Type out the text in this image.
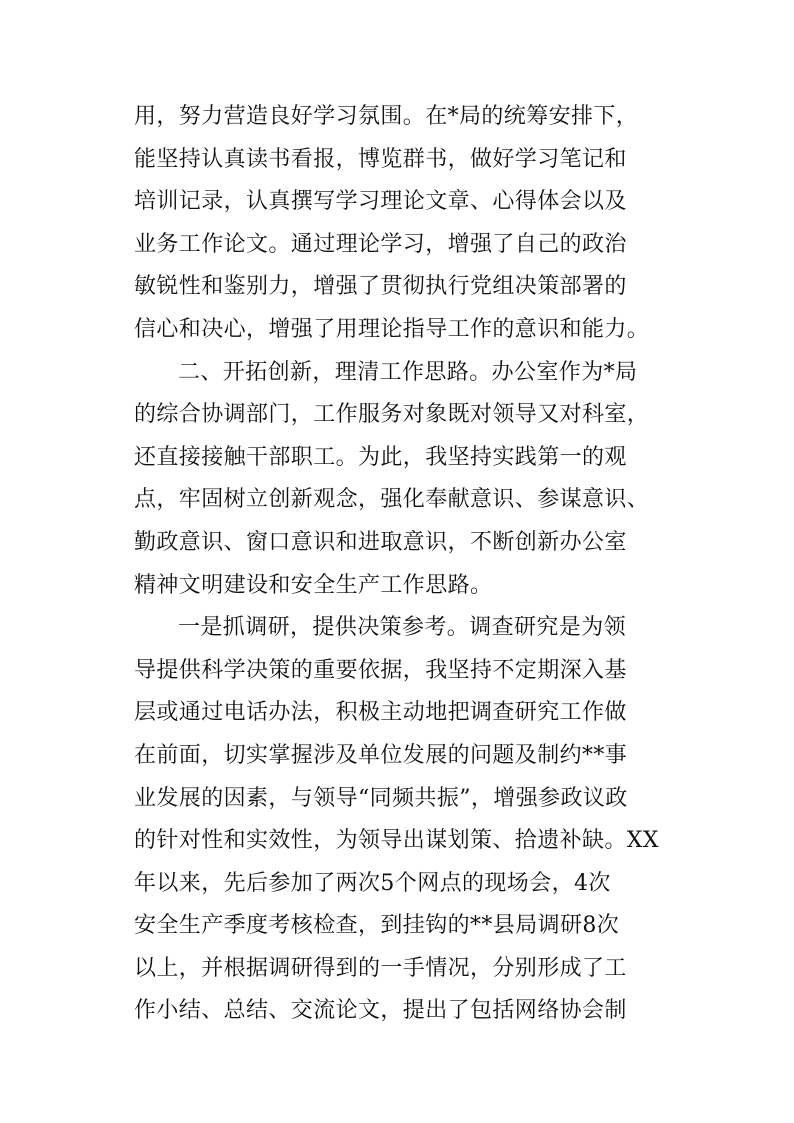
用，努力营造良好学习氛围。在*局的统筹安排下，
能坚持认真读书看报，博览群书，做好学习笔记和
培训记录，认真撰写学习理论文章、心得体会以及
业务工作论文。通过理论学习，增强了自己的政治
敏锐性和鉴别力，增强了贯彻执行党组决策部署的
信心和决心，增强了用理论指导工作的意识和能力。
二、开拓创新，理清工作思路。办公室作为*局
的综合协调部门，工作服务对象既对领导又对科室，
还直接接触干部职工。为此，我坚持实践第一的观
点，牢固树立创新观念，强化奉献意识、参谋意识、
勤政意识、窗口意识和进取意识，不断创新办公室
精神文明建设和安全生产工作思路。
一是抓调研，提供决策参考。调查研究是为领
导提供科学决策的重要依据，我坚持不定期深入基
层或通过电话办法，积极主动地把调查研究工作做
在前面，切实掌握涉及单位发展的问题及制约**事
业发展的因素，与领导“同频共振”，增强参政议政
的针对性和实效性，为领导出谋划策、拾遗补缺。XX
年以来，先后参加了两次5个网点的现场会，4次
安全生产季度考核检查，到挂钩的**县局调研8次
以上，并根据调研得到的一手情况，分别形成了工
作小结、总结、交流论文，提出了包括网络协会制
